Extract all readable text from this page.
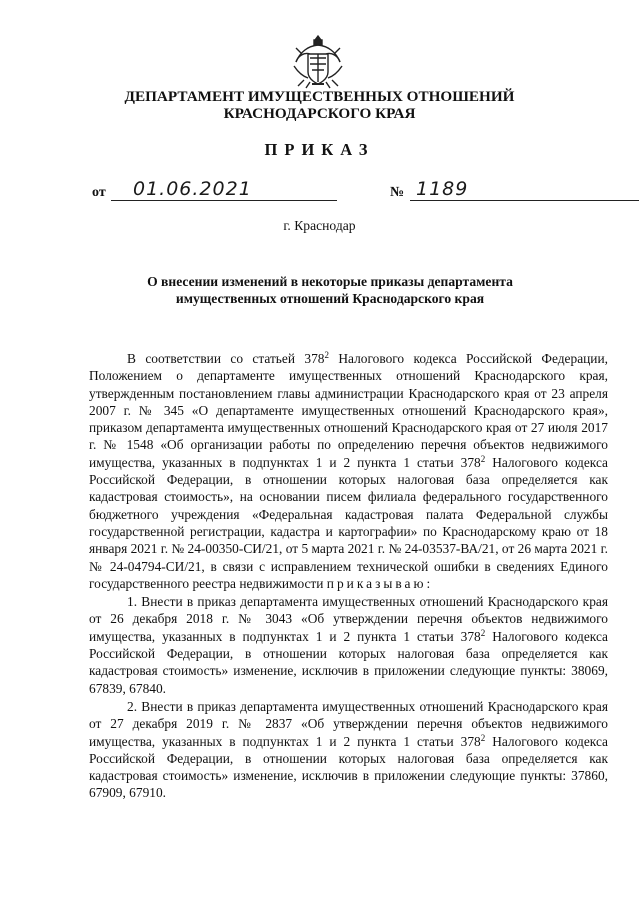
ДЕПАРТАМЕНТ ИМУЩЕСТВЕННЫХ ОТНОШЕНИЙ
КРАСНОДАРСКОГО КРАЯ
ПРИКАЗ
от 01.06.2021	№ 1189
г. Краснодар
О внесении изменений в некоторые приказы департамента
имущественных отношений Краснодарского края

В соответствии со статьей $378^2$ Налогового кодекса Российской Федерации, Положением о департаменте имущественных отношений Краснодарского края, утвержденным постановлением главы администрации Краснодарского края от 23 апреля 2007 г. № 345 «О департаменте имущественных отношений Краснодарского края», приказом департамента имущественных отношений Краснодарского края от 27 июля 2017 г. № 1548 «Об организации работы по определению перечня объектов недвижимого имущества, указанных в подпунктах 1 и 2 пункта 1 статьи $378^2$ Налогового кодекса Российской Федерации, в отношении которых налоговая база определяется как кадастровая стоимость», на основании писем филиала федерального государственного бюджетного учреждения «Федеральная кадастровая палата Федеральной службы государственной регистрации, кадастра и картографии» по Краснодарскому краю от 18 января 2021 г. № 24-00350-СИ/21, от 5 марта 2021 г. № 24-03537-ВА/21, от 26 марта 2021 г. № 24-04794-СИ/21, в связи с исправлением технической ошибки в сведениях Единого государственного реестра недвижимости приказываю:

1. Внести в приказ департамента имущественных отношений Краснодарского края от 26 декабря 2018 г. № 3043 «Об утверждении перечня объектов недвижимого имущества, указанных в подпунктах 1 и 2 пункта 1 статьи $378^2$ Налогового кодекса Российской Федерации, в отношении которых налоговая база определяется как кадастровая стоимость» изменение, исключив в приложении следующие пункты: 38069, 67839, 67840.

2. Внести в приказ департамента имущественных отношений Краснодарского края от 27 декабря 2019 г. № 2837 «Об утверждении перечня объектов недвижимого имущества, указанных в подпунктах 1 и 2 пункта 1 статьи $378^2$ Налогового кодекса Российской Федерации, в отношении которых налоговая база определяется как кадастровая стоимость» изменение, исключив в приложении следующие пункты: 37860, 67909, 67910.
